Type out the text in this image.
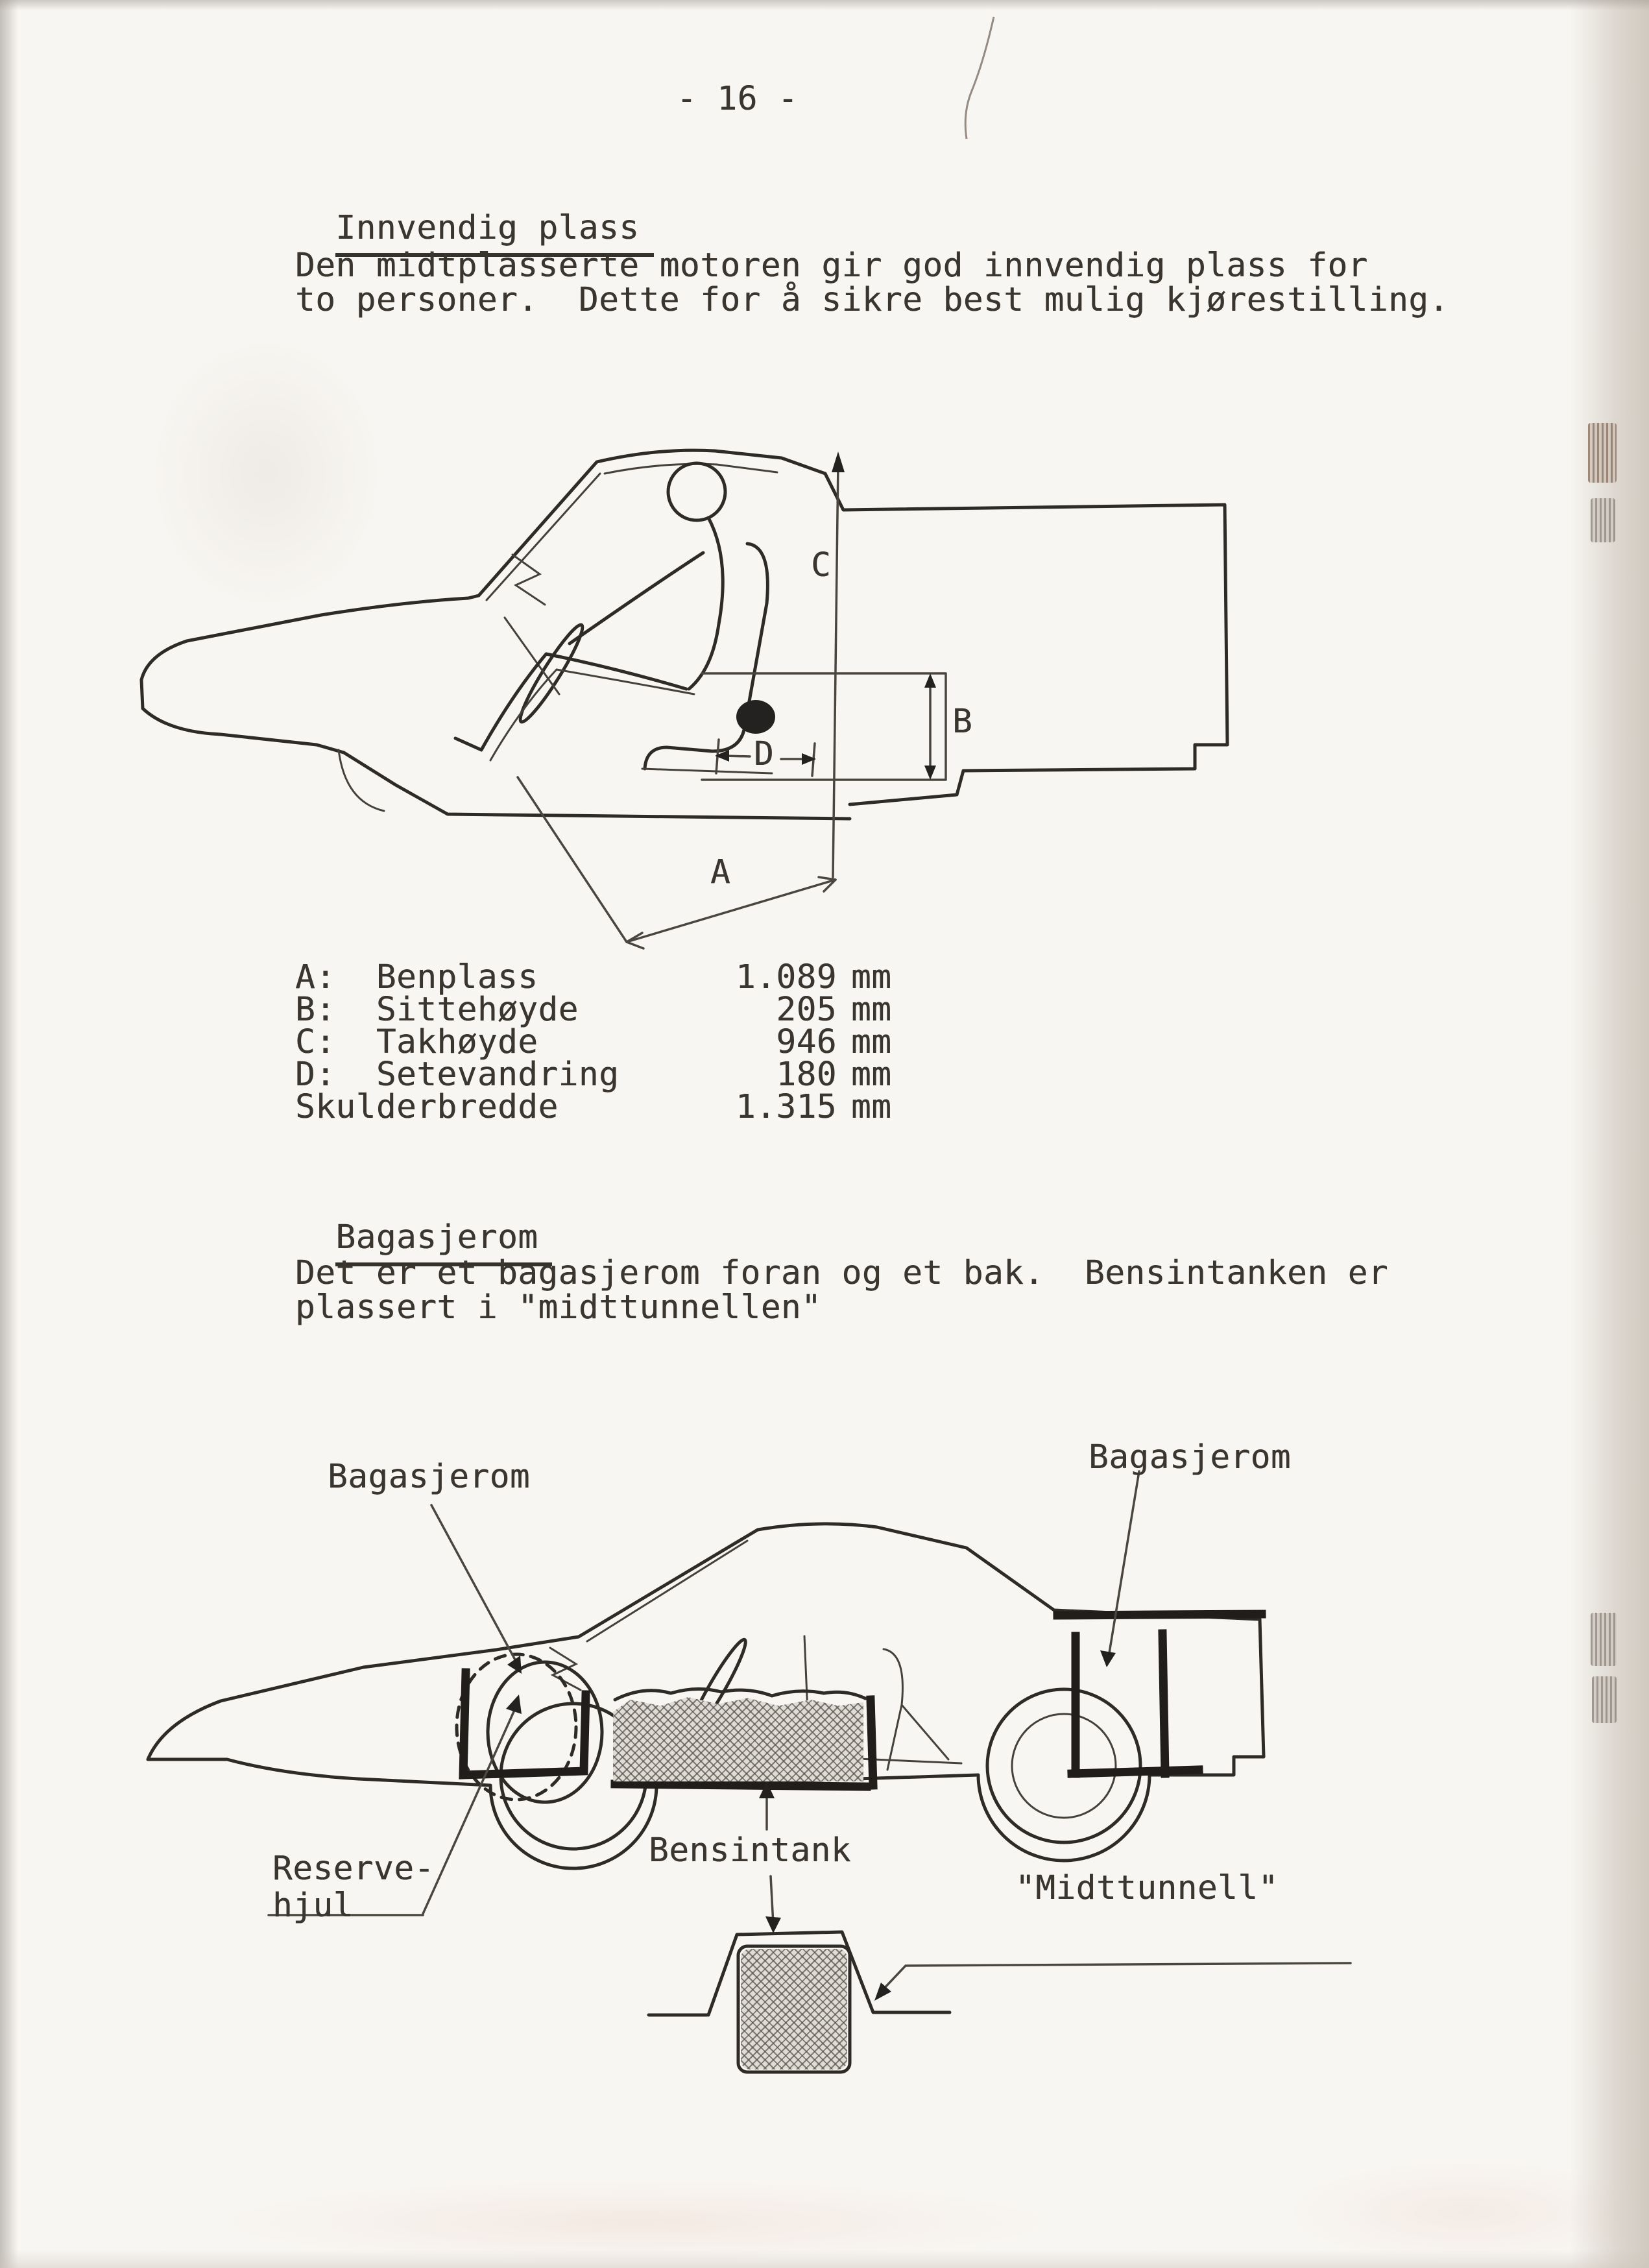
- 16 -

Innvendig plass

Den midtplasserte motoren gir god innvendig plass for
to personer.  Dette for å sikre best mulig kjørestilling.
C
B
D
A
A:  Benplass	1.089 mm
B:  Sittehøyde	205 mm
C:  Takhøyde	946 mm
D:  Setevandring	180 mm
Skulderbredde	1.315 mm

Bagasjerom

Det er et bagasjerom foran og et bak.  Bensintanken er
plassert i "midttunnellen"
Bagasjerom
Bagasjerom
Reserve-
hjul
Bensintank
"Midttunnell"
